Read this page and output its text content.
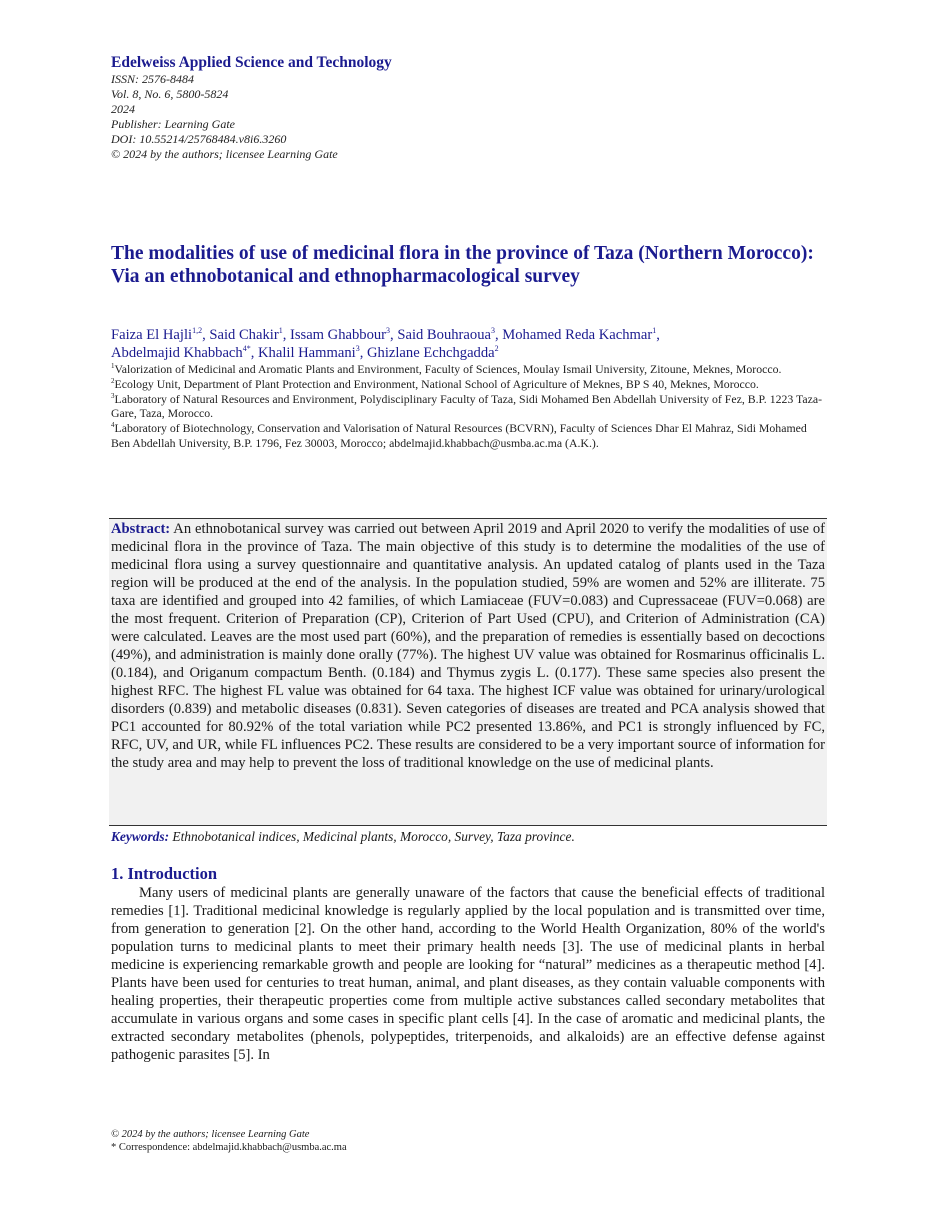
Edelweiss Applied Science and Technology
ISSN: 2576-8484
Vol. 8, No. 6, 5800-5824
2024
Publisher: Learning Gate
DOI: 10.55214/25768484.v8i6.3260
© 2024 by the authors; licensee Learning Gate
The modalities of use of medicinal flora in the province of Taza (Northern Morocco): Via an ethnobotanical and ethnopharmacological survey
Faiza El Hajli$^{1,2}$, Said Chakir$^1$, Issam Ghabbour$^3$, Said Bouhraoua$^3$, Mohamed Reda Kachmar$^1$,
Abdelmajid Khabbach$^{4*}$, Khalil Hammani$^3$, Ghizlane Echchgadda$^2$
$^1$Valorization of Medicinal and Aromatic Plants and Environment, Faculty of Sciences, Moulay Ismail University, Zitoune, Meknes, Morocco.
$^2$Ecology Unit, Department of Plant Protection and Environment, National School of Agriculture of Meknes, BP S 40, Meknes, Morocco.
$^3$Laboratory of Natural Resources and Environment, Polydisciplinary Faculty of Taza, Sidi Mohamed Ben Abdellah University of Fez, B.P. 1223 Taza-Gare, Taza, Morocco.
$^4$Laboratory of Biotechnology, Conservation and Valorisation of Natural Resources (BCVRN), Faculty of Sciences Dhar El Mahraz, Sidi Mohamed Ben Abdellah University, B.P. 1796, Fez 30003, Morocco; abdelmajid.khabbach@usmba.ac.ma (A.K.).

Abstract: An ethnobotanical survey was carried out between April 2019 and April 2020 to verify the modalities of use of medicinal flora in the province of Taza. The main objective of this study is to determine the modalities of the use of medicinal flora using a survey questionnaire and quantitative analysis. An updated catalog of plants used in the Taza region will be produced at the end of the analysis. In the population studied, 59% are women and 52% are illiterate. 75 taxa are identified and grouped into 42 families, of which Lamiaceae (FUV=0.083) and Cupressaceae (FUV=0.068) are the most frequent. Criterion of Preparation (CP), Criterion of Part Used (CPU), and Criterion of Administration (CA) were calculated. Leaves are the most used part (60%), and the preparation of remedies is essentially based on decoctions (49%), and administration is mainly done orally (77%). The highest UV value was obtained for Rosmarinus officinalis L. (0.184), and Origanum compactum Benth. (0.184) and Thymus zygis L. (0.177). These same species also present the highest RFC. The highest FL value was obtained for 64 taxa. The highest ICF value was obtained for urinary/urological disorders (0.839) and metabolic diseases (0.831). Seven categories of diseases are treated and PCA analysis showed that PC1 accounted for 80.92% of the total variation while PC2 presented 13.86%, and PC1 is strongly influenced by FC, RFC, UV, and UR, while FL influences PC2. These results are considered to be a very important source of information for the study area and may help to prevent the loss of traditional knowledge on the use of medicinal plants.

Keywords: Ethnobotanical indices, Medicinal plants, Morocco, Survey, Taza province.

1. Introduction

Many users of medicinal plants are generally unaware of the factors that cause the beneficial effects of traditional remedies [1]. Traditional medicinal knowledge is regularly applied by the local population and is transmitted over time, from generation to generation [2]. On the other hand, according to the World Health Organization, 80% of the world's population turns to medicinal plants to meet their primary health needs [3]. The use of medicinal plants in herbal medicine is experiencing remarkable growth and people are looking for “natural” medicines as a therapeutic method [4]. Plants have been used for centuries to treat human, animal, and plant diseases, as they contain valuable components with healing properties, their therapeutic properties come from multiple active substances called secondary metabolites that accumulate in various organs and some cases in specific plant cells [4]. In the case of aromatic and medicinal plants, the extracted secondary metabolites (phenols, polypeptides, triterpenoids, and alkaloids) are an effective defense against pathogenic parasites [5]. In

© 2024 by the authors; licensee Learning Gate
* Correspondence: abdelmajid.khabbach@usmba.ac.ma
